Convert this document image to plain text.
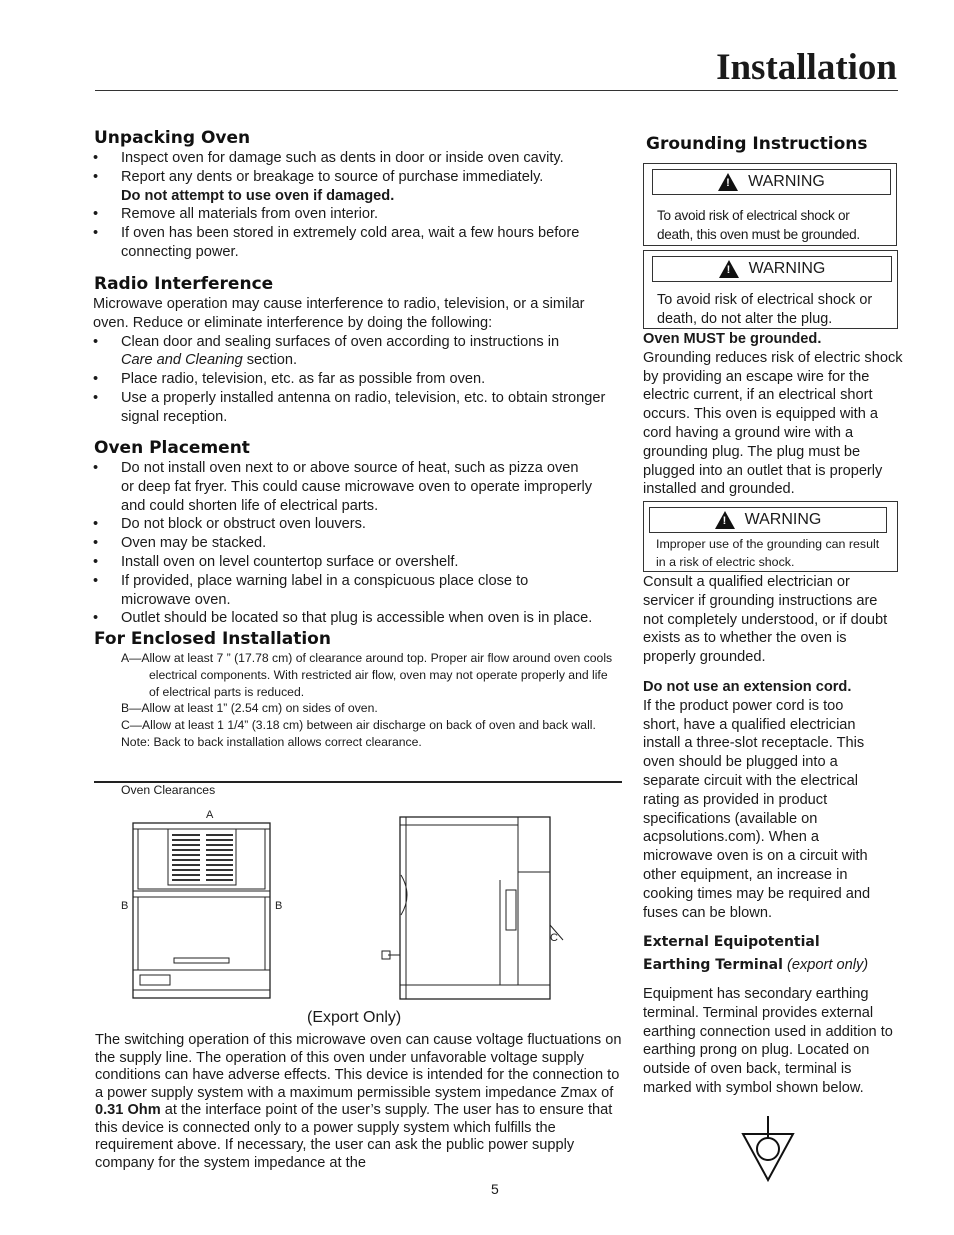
Installation
Unpacking Oven
• Inspect oven for damage such as dents in door or inside oven cavity.
• Report any dents or breakage to source of purchase immediately.
Do not attempt to use oven if damaged.
• Remove all materials from oven interior.
• If oven has been stored in extremely cold area, wait a few hours before connecting power.
Radio Interference
Microwave operation may cause interference to radio, television, or a similar oven. Reduce or eliminate interference by doing the following:
• Clean door and sealing surfaces of oven according to instructions in
Care and Cleaning section.
• Place radio, television, etc. as far as possible from oven.
• Use a properly installed antenna on radio, television, etc. to obtain stronger signal reception.
Oven Placement
• Do not install oven next to or above source of heat, such as pizza oven or deep fat fryer. This could cause microwave oven to operate improperly and could shorten life of electrical parts.
• Do not block or obstruct oven louvers.
• Oven may be stacked.
• Install oven on level countertop surface or overshelf.
• If provided, place warning label in a conspicuous place close to microwave oven.
• Outlet should be located so that plug is accessible when oven is in place.
For Enclosed Installation
A—Allow at least 7 ” (17.78 cm) of clearance around top. Proper air flow around oven cools electrical components. With restricted air flow, oven may not operate properly and life of electrical parts is reduced.
B—Allow at least 1” (2.54 cm) on sides of oven.
C—Allow at least 1 1/4” (3.18 cm) between air discharge on back of oven and back wall.
Note: Back to back installation allows correct clearance.
Oven Clearances
A
B	B
C
(Export Only)
The switching operation of this microwave oven can cause voltage fluctuations on the supply line. The operation of this oven under unfavorable voltage supply conditions can have adverse effects. This device is intended for the connection to a power supply system with a maximum permissible system impedance Zmax of 0.31 Ohm at the interface point of the user’s supply. The user has to ensure that this device is connected only to a power supply system which fulfills the requirement above. If necessary, the user can ask the public power supply company for the system impedance at the
Grounding Instructions
! WARNING
To avoid risk of electrical shock or death, this oven must be grounded.
! WARNING
To avoid risk of electrical shock or death, do not alter the plug.
Oven MUST be grounded.
Grounding reduces risk of electric shock by providing an escape wire for the electric current, if an electrical short occurs. This oven is equipped with a cord having a ground wire with a grounding plug. The plug must be plugged into an outlet that is properly installed and grounded.
! WARNING
Improper use of the grounding can result in a risk of electric shock.
Consult a qualified electrician or servicer if grounding instructions are not completely understood, or if doubt exists as to whether the oven is properly grounded.
Do not use an extension cord.
If the product power cord is too short, have a qualified electrician install a three-slot receptacle. This oven should be plugged into a separate circuit with the electrical rating as provided in product specifications (available on acpsolutions.com). When a microwave oven is on a circuit with other equipment, an increase in cooking times may be required and fuses can be blown.
External Equipotential
Earthing Terminal (export only)
Equipment has secondary earthing terminal. Terminal provides external earthing connection used in addition to earthing prong on plug. Located on outside of oven back, terminal is marked with symbol shown below.
5
